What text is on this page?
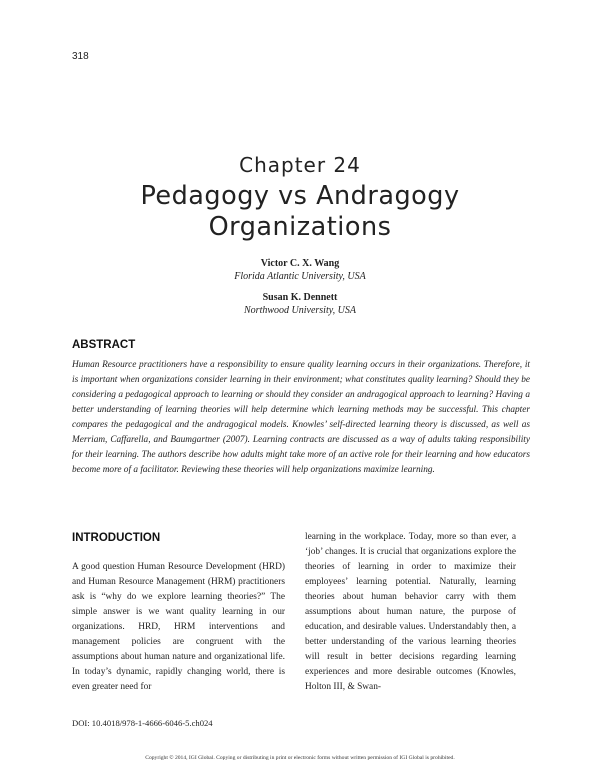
318
Chapter 24
Pedagogy vs Andragogy
Organizations
Victor C. X. Wang
Florida Atlantic University, USA
Susan K. Dennett
Northwood University, USA
ABSTRACT
Human Resource practitioners have a responsibility to ensure quality learning occurs in their organizations. Therefore, it is important when organizations consider learning in their environment; what constitutes quality learning? Should they be considering a pedagogical approach to learning or should they consider an andragogical approach to learning? Having a better understanding of learning theories will help determine which learning methods may be successful. This chapter compares the pedagogical and the andragogical models. Knowles’ self-directed learning theory is discussed, as well as Merriam, Caffarella, and Baumgartner (2007). Learning contracts are discussed as a way of adults taking responsibility for their learning. The authors describe how adults might take more of an active role for their learning and how educators become more of a facilitator. Reviewing these theories will help organizations maximize learning.
INTRODUCTION
A good question Human Resource Development (HRD) and Human Resource Management (HRM) practitioners ask is “why do we explore learning theories?” The simple answer is we want quality learning in our organizations. HRD, HRM interventions and management policies are congruent with the assumptions about human nature and organizational life. In today’s dynamic, rapidly changing world, there is even greater need for
learning in the workplace. Today, more so than ever, a ‘job’ changes. It is crucial that organizations explore the theories of learning in order to maximize their employees’ learning potential. Naturally, learning theories about human behavior carry with them assumptions about human nature, the purpose of education, and desirable values. Understandably then, a better understanding of the various learning theories will result in better decisions regarding learning experiences and more desirable outcomes (Knowles, Holton III, & Swan-
DOI: 10.4018/978-1-4666-6046-5.ch024
Copyright © 2014, IGI Global. Copying or distributing in print or electronic forms without written permission of IGI Global is prohibited.
